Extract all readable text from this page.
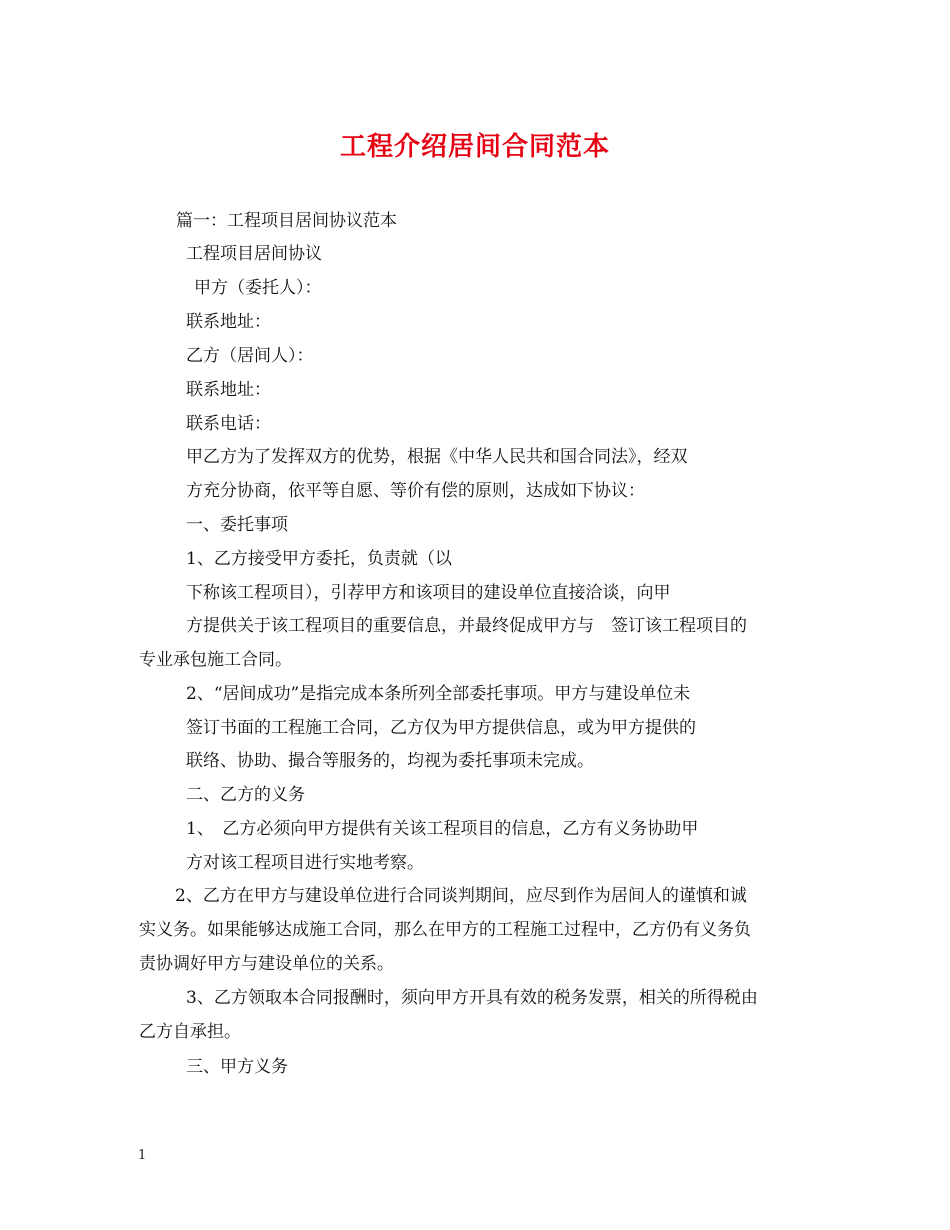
工程介绍居间合同范本

篇一：工程项目居间协议范本

工程项目居间协议

甲方（委托人）：

联系地址：

乙方（居间人）：

联系地址：

联系电话：

甲乙方为了发挥双方的优势，根据《中华人民共和国合同法》，经双

方充分协商，依平等自愿、等价有偿的原则，达成如下协议：

一、委托事项

1、乙方接受甲方委托，负责就（以

下称该工程项目），引荐甲方和该项目的建设单位直接洽谈，向甲

方提供关于该工程项目的重要信息，并最终促成甲方与　签订该工程项目的

专业承包施工合同。

2、“居间成功”是指完成本条所列全部委托事项。甲方与建设单位未

签订书面的工程施工合同，乙方仅为甲方提供信息，或为甲方提供的

联络、协助、撮合等服务的，均视为委托事项未完成。

二、乙方的义务

1、　乙方必须向甲方提供有关该工程项目的信息，乙方有义务协助甲

方对该工程项目进行实地考察。

2、乙方在甲方与建设单位进行合同谈判期间，应尽到作为居间人的谨慎和诚

实义务。如果能够达成施工合同，那么在甲方的工程施工过程中，乙方仍有义务负

责协调好甲方与建设单位的关系。

3、乙方领取本合同报酬时，须向甲方开具有效的税务发票，相关的所得税由

乙方自承担。

三、甲方义务

1
